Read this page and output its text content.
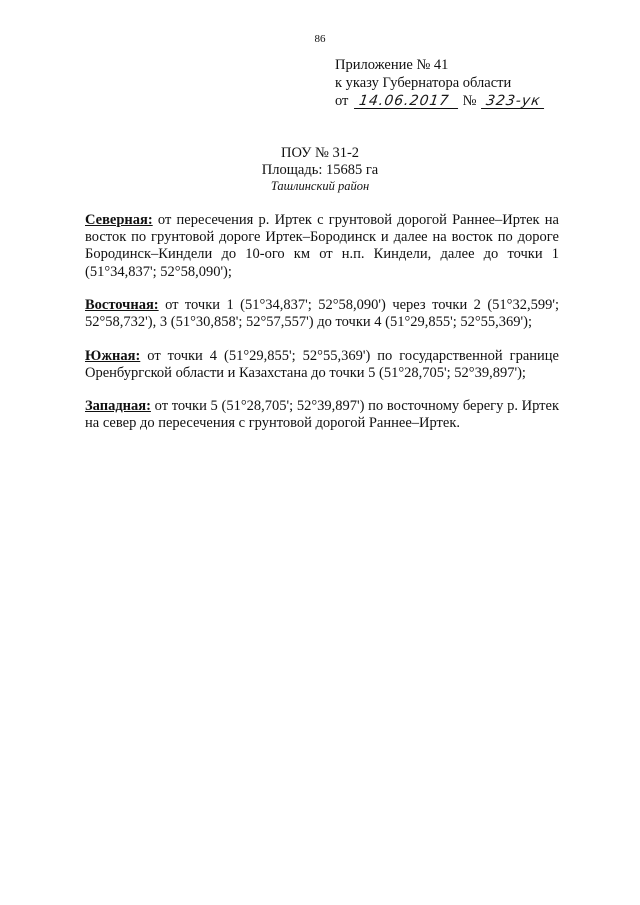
86
Приложение № 41
к указу Губернатора области
от 14.06.2017 № 323-ук
ПОУ № 31-2
Площадь: 15685 га
Ташлинский район
Северная: от пересечения р. Иртек с грунтовой дорогой Раннее–Иртек на восток по грунтовой дороге Иртек–Бородинск и далее на восток по дороге Бородинск–Киндели до 10-ого км от н.п. Киндели, далее до точки 1 (51°34,837'; 52°58,090');
Восточная: от точки 1 (51°34,837'; 52°58,090') через точки 2 (51°32,599'; 52°58,732'), 3 (51°30,858'; 52°57,557') до точки 4 (51°29,855'; 52°55,369');
Южная: от точки 4 (51°29,855'; 52°55,369') по государственной границе Оренбургской области и Казахстана до точки 5 (51°28,705'; 52°39,897');
Западная: от точки 5 (51°28,705'; 52°39,897') по восточному берегу р. Иртек на север до пересечения с грунтовой дорогой Раннее–Иртек.
